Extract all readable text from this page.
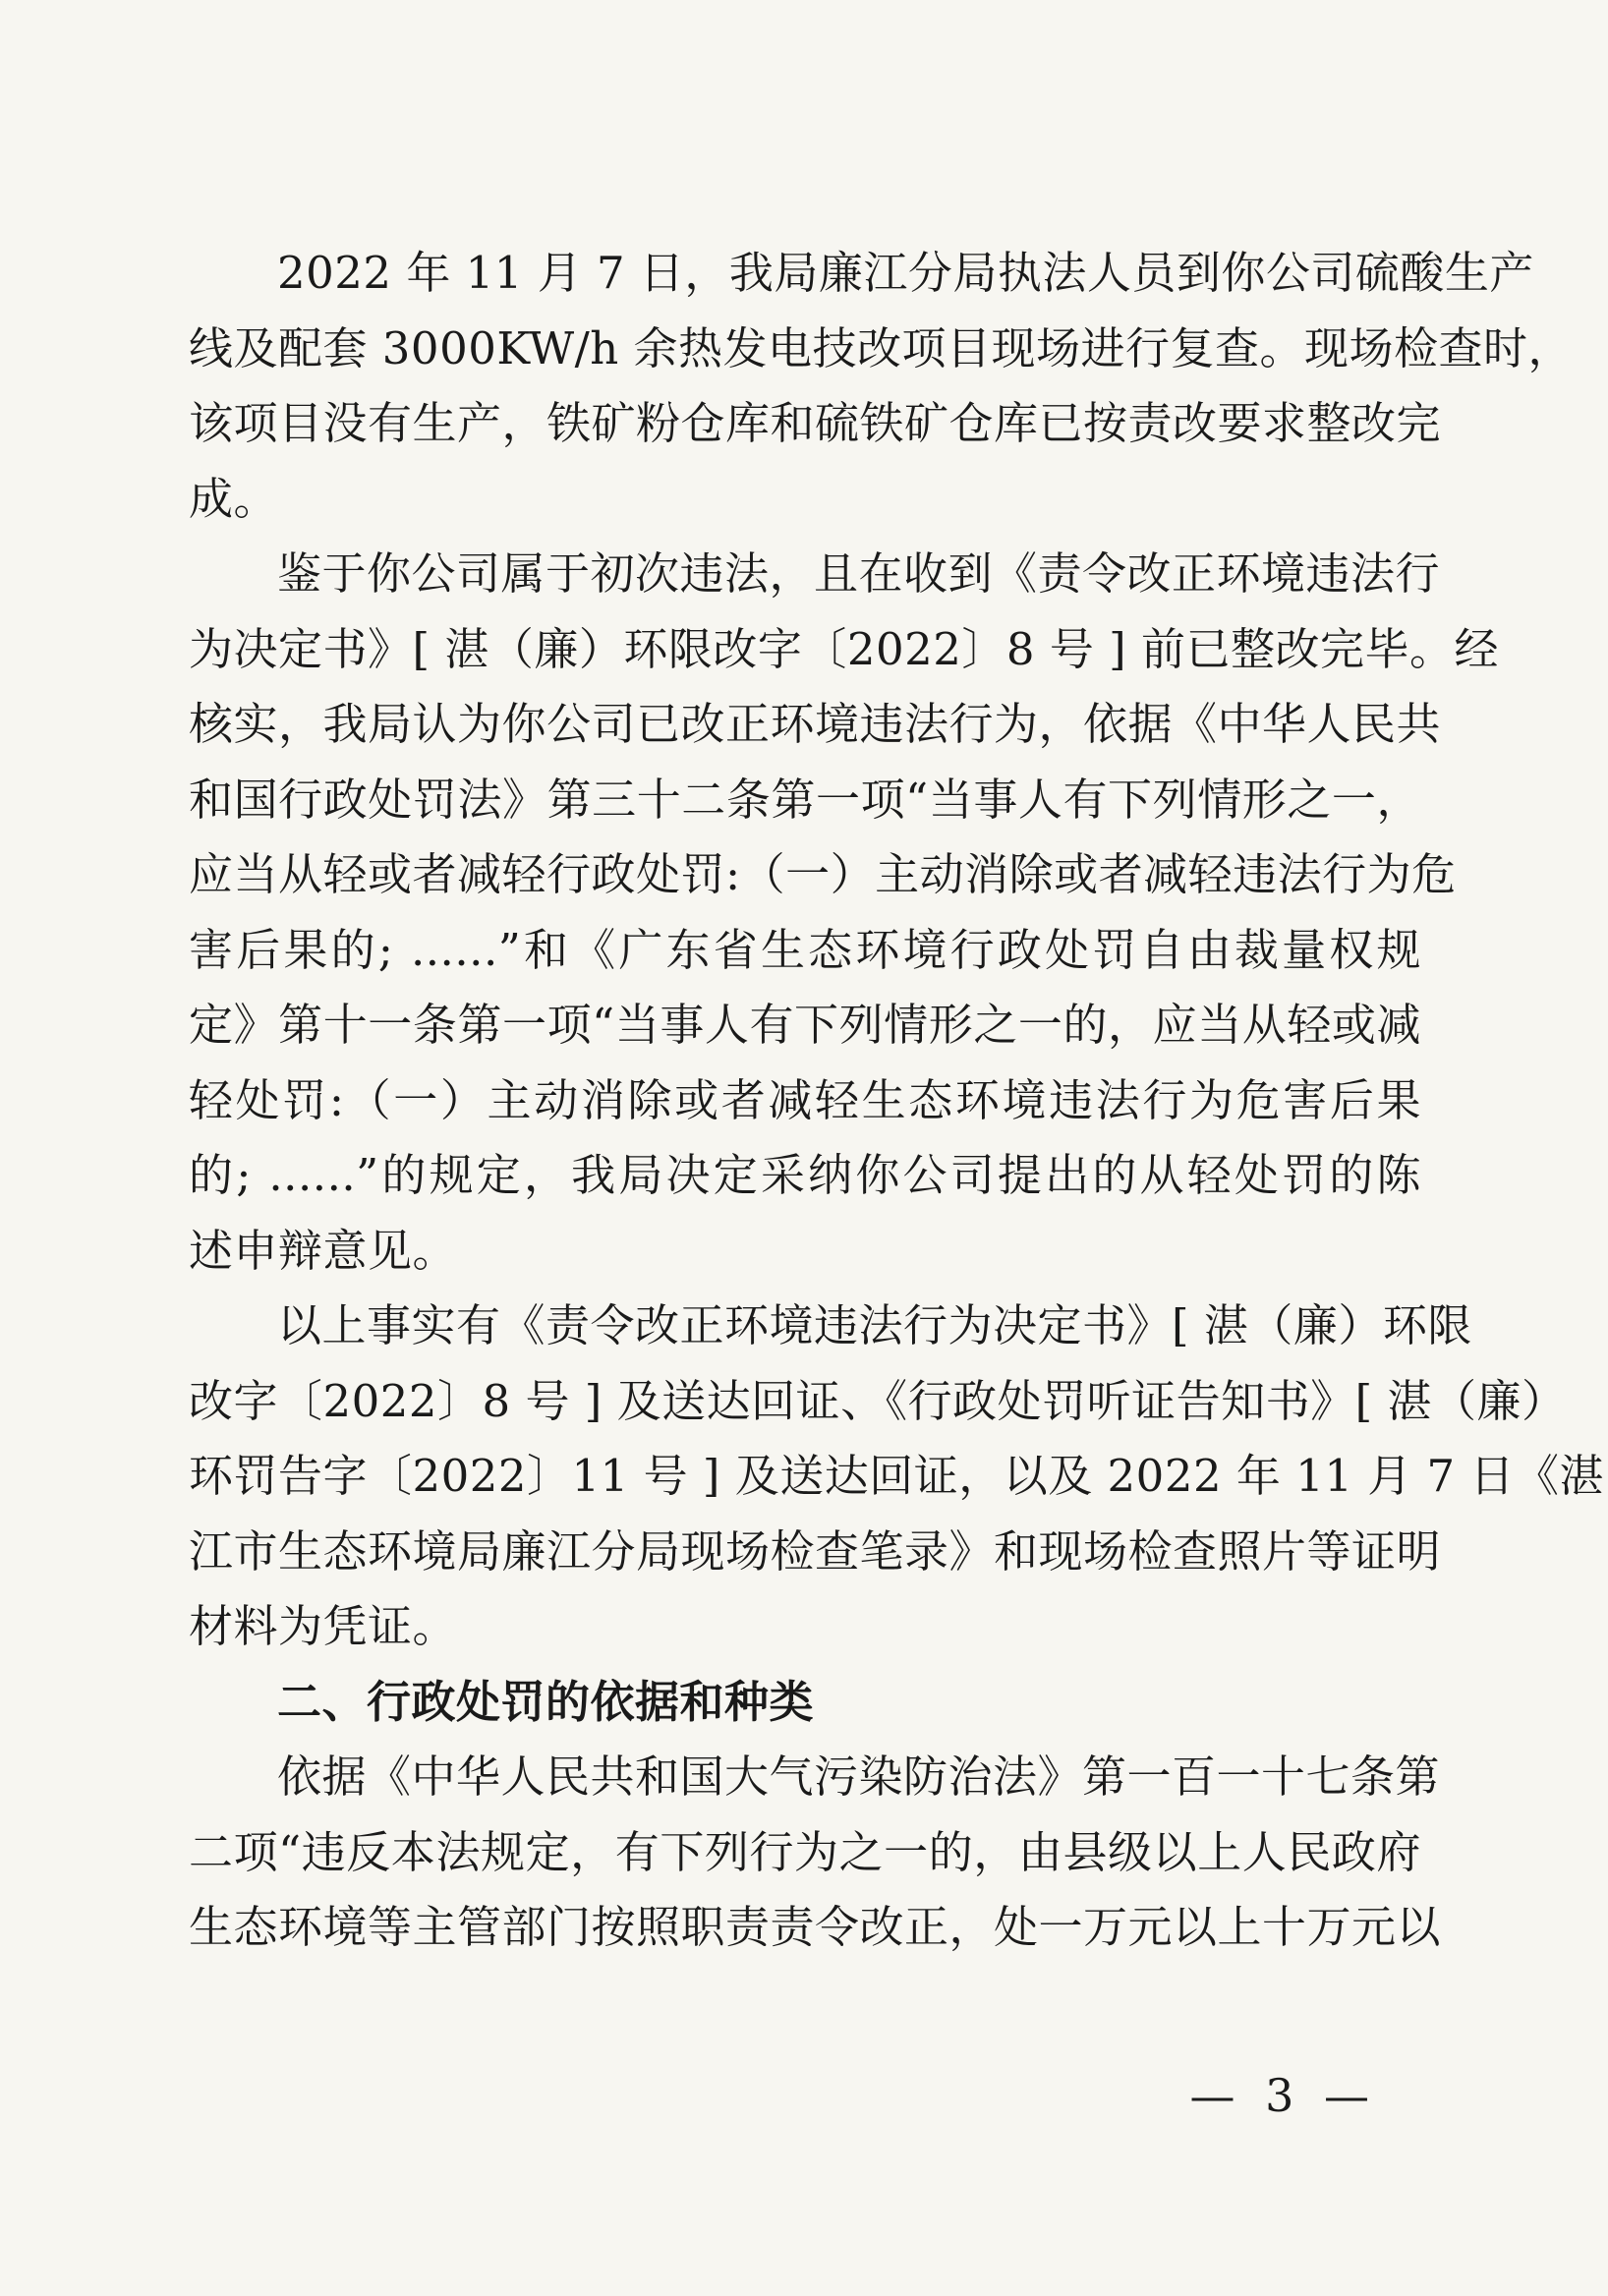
2022 年 11 月 7 日，我局廉江分局执法人员到你公司硫酸生产
线及配套 3000KW/h 余热发电技改项目现场进行复查。现场检查时，
该项目没有生产，铁矿粉仓库和硫铁矿仓库已按责改要求整改完
成。
鉴于你公司属于初次违法，且在收到《责令改正环境违法行
为决定书》[ 湛（廉）环限改字〔2022〕8 号 ] 前已整改完毕。经
核实，我局认为你公司已改正环境违法行为，依据《中华人民共
和国行政处罚法》第三十二条第一项“当事人有下列情形之一，
应当从轻或者减轻行政处罚:（一）主动消除或者减轻违法行为危
害后果的; ......”和《广东省生态环境行政处罚自由裁量权规
定》第十一条第一项“当事人有下列情形之一的，应当从轻或减
轻处罚:（一）主动消除或者减轻生态环境违法行为危害后果
的; ......”的规定，我局决定采纳你公司提出的从轻处罚的陈
述申辩意见。
以上事实有《责令改正环境违法行为决定书》[ 湛（廉）环限
改字〔2022〕8 号 ] 及送达回证、《行政处罚听证告知书》[ 湛（廉）
环罚告字〔2022〕11 号 ] 及送达回证，以及 2022 年 11 月 7 日《湛
江市生态环境局廉江分局现场检查笔录》和现场检查照片等证明
材料为凭证。
二、行政处罚的依据和种类
依据《中华人民共和国大气污染防治法》第一百一十七条第
二项“违反本法规定，有下列行为之一的，由县级以上人民政府
生态环境等主管部门按照职责责令改正，处一万元以上十万元以
— 3 —
